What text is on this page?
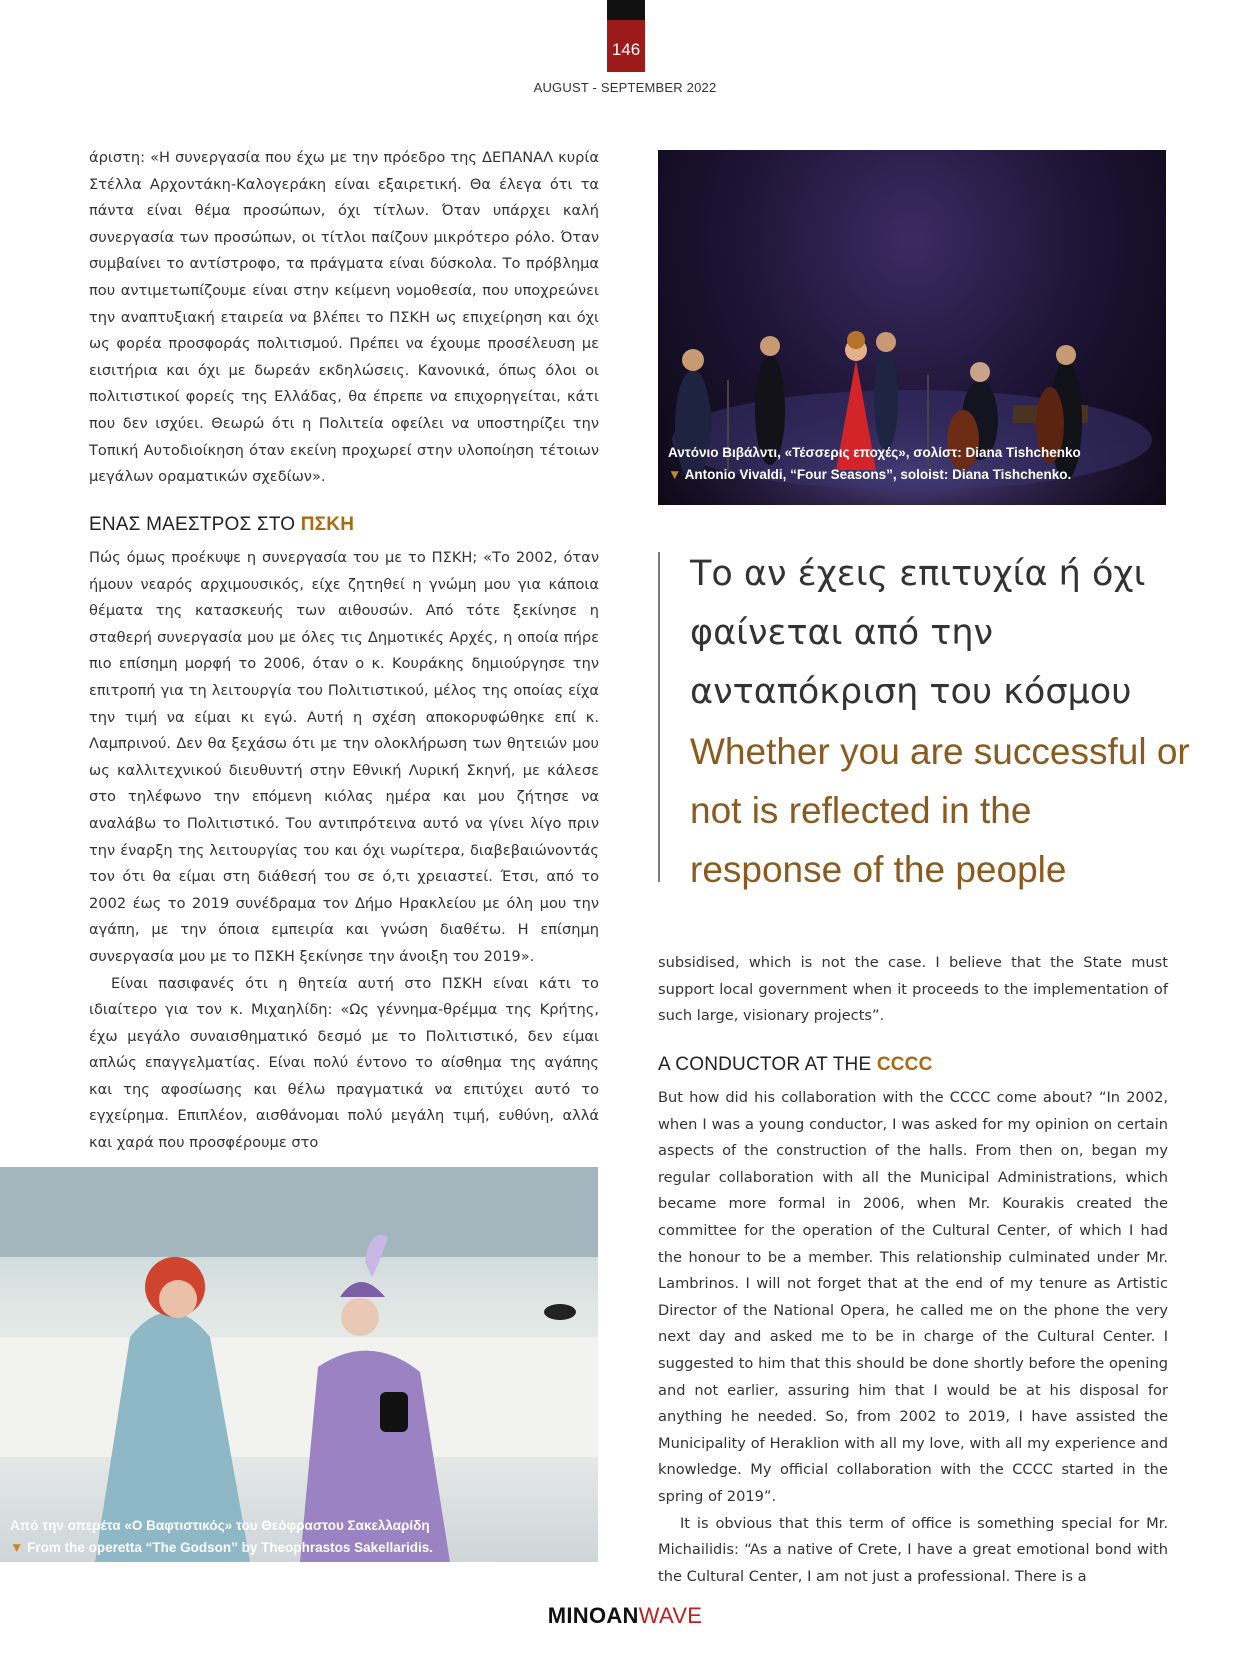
146
AUGUST - SEPTEMBER 2022

άριστη: «Η συνεργασία που έχω με την πρόεδρο της ΔΕΠΑΝΑΛ κυρία Στέλλα Αρχοντάκη-Καλογεράκη είναι εξαιρετική. Θα έλεγα ότι τα πάντα είναι θέμα προσώπων, όχι τίτλων. Όταν υπάρχει καλή συνεργασία των προσώπων, οι τίτλοι παίζουν μικρότερο ρόλο. Όταν συμβαίνει το αντίστροφο, τα πράγματα είναι δύσκολα. Το πρόβλημα που αντιμετωπίζουμε είναι στην κείμενη νομοθεσία, που υποχρεώνει την αναπτυξιακή εταιρεία να βλέπει το ΠΣΚΗ ως επιχείρηση και όχι ως φορέα προσφοράς πολιτισμού. Πρέπει να έχουμε προσέλευση με εισιτήρια και όχι με δωρεάν εκδηλώσεις. Κανονικά, όπως όλοι οι πολιτιστικοί φορείς της Ελλάδας, θα έπρεπε να επιχορηγείται, κάτι που δεν ισχύει. Θεωρώ ότι η Πολιτεία οφείλει να υποστηρίζει την Τοπική Αυτοδιοίκηση όταν εκείνη προχωρεί στην υλοποίηση τέτοιων μεγάλων οραματικών σχεδίων».

ΕΝΑΣ ΜΑΕΣΤΡΟΣ ΣΤΟ ΠΣΚΗ

Πώς όμως προέκυψε η συνεργασία του με το ΠΣΚΗ; «Το 2002, όταν ήμουν νεαρός αρχιμουσικός, είχε ζητηθεί η γνώμη μου για κάποια θέματα της κατασκευής των αιθουσών. Από τότε ξεκίνησε η σταθερή συνεργασία μου με όλες τις Δημοτικές Αρχές, η οποία πήρε πιο επίσημη μορφή το 2006, όταν ο κ. Κουράκης δημιούργησε την επιτροπή για τη λειτουργία του Πολιτιστικού, μέλος της οποίας είχα την τιμή να είμαι κι εγώ. Αυτή η σχέση αποκορυφώθηκε επί κ. Λαμπρινού. Δεν θα ξεχάσω ότι με την ολοκλήρωση των θητειών μου ως καλλιτεχνικού διευθυντή στην Εθνική Λυρική Σκηνή, με κάλεσε στο τηλέφωνο την επόμενη κιόλας ημέρα και μου ζήτησε να αναλάβω το Πολιτιστικό. Του αντιπρότεινα αυτό να γίνει λίγο πριν την έναρξη της λειτουργίας του και όχι νωρίτερα, διαβεβαιώνοντάς τον ότι θα είμαι στη διάθεσή του σε ό,τι χρειαστεί. Έτσι, από το 2002 έως το 2019 συνέδραμα τον Δήμο Ηρακλείου με όλη μου την αγάπη, με την όποια εμπειρία και γνώση διαθέτω. Η επίσημη συνεργασία μου με το ΠΣΚΗ ξεκίνησε την άνοιξη του 2019».

Είναι πασιφανές ότι η θητεία αυτή στο ΠΣΚΗ είναι κάτι το ιδιαίτερο για τον κ. Μιχαηλίδη: «Ως γέννημα-θρέμμα της Κρήτης, έχω μεγάλο συναισθηματικό δεσμό με το Πολιτιστικό, δεν είμαι απλώς επαγγελματίας. Είναι πολύ έντονο το αίσθημα της αγάπης και της αφοσίωσης και θέλω πραγματικά να επιτύχει αυτό το εγχείρημα. Επιπλέον, αισθάνομαι πολύ μεγάλη τιμή, ευθύνη, αλλά και χαρά που προσφέρουμε στο

Αντόνιο Βιβάλντι, «Τέσσερις εποχές», σολίστ: Diana Tishchenko
▼ Antonio Vivaldi, “Four Seasons”, soloist: Diana Tishchenko.
Το αν έχεις επιτυχία ή όχι φαίνεται από την ανταπόκριση του κόσμου
Whether you are successful or not is reflected in the response of the people

subsidised, which is not the case. I believe that the State must support local government when it proceeds to the implementation of such large, visionary projects”.

A CONDUCTOR AT THE CCCC

But how did his collaboration with the CCCC come about? “In 2002, when I was a young conductor, I was asked for my opinion on certain aspects of the construction of the halls. From then on, began my regular collaboration with all the Municipal Administrations, which became more formal in 2006, when Mr. Kourakis created the committee for the operation of the Cultural Center, of which I had the honour to be a member. This relationship culminated under Mr. Lambrinos. I will not forget that at the end of my tenure as Artistic Director of the National Opera, he called me on the phone the very next day and asked me to be in charge of the Cultural Center. I suggested to him that this should be done shortly before the opening and not earlier, assuring him that I would be at his disposal for anything he needed. So, from 2002 to 2019, I have assisted the Municipality of Heraklion with all my love, with all my experience and knowledge. My official collaboration with the CCCC started in the spring of 2019”.

It is obvious that this term of office is something special for Mr. Michailidis: “As a native of Crete, I have a great emotional bond with the Cultural Center, I am not just a professional. There is a

Από την οπερέτα «Ο Βαφτιστικός» του Θεόφραστου Σακελλαρίδη
▼ From the operetta “The Godson” by Theophrastos Sakellaridis.
MINOANWAVE
